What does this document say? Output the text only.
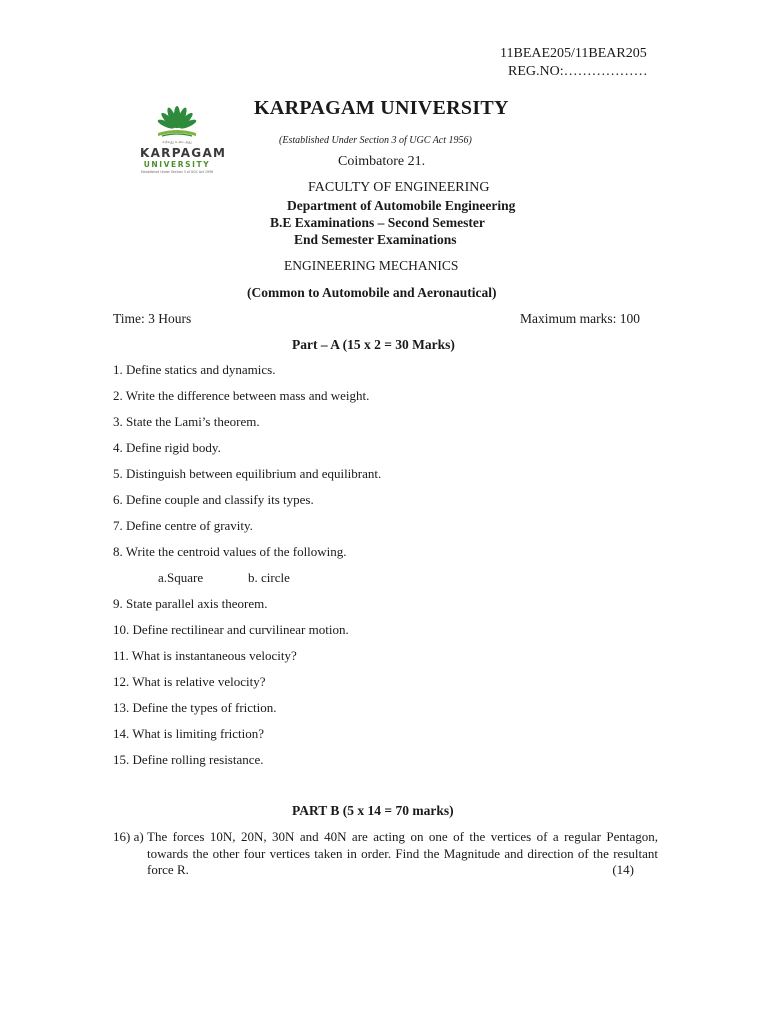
11BEAE205/11BEAR205
REG.NO:………………
கற்றது உடைத்து
KARPAGAM
UNIVERSITY
Established Under Section 3 of UGC Act 1956
KARPAGAM UNIVERSITY
(Established Under Section 3 of UGC Act 1956)
Coimbatore 21.
FACULTY OF ENGINEERING
Department of Automobile Engineering
B.E Examinations – Second Semester
End Semester Examinations
ENGINEERING MECHANICS
(Common to Automobile and Aeronautical)
Time: 3 Hours	Maximum marks: 100
Part – A (15 x 2 = 30 Marks)
1. Define statics and dynamics.
2. Write the difference between mass and weight.
3. State the Lami’s theorem.
4. Define rigid body.
5. Distinguish between equilibrium and equilibrant.
6. Define couple and classify its types.
7. Define centre of gravity.
8. Write the centroid values of the following.
a.Square	b. circle
9. State parallel axis theorem.
10. Define rectilinear and curvilinear motion.
11. What is instantaneous velocity?
12. What is relative velocity?
13. Define the types of friction.
14. What is limiting friction?
15. Define rolling resistance.
PART B (5 x 14 = 70 marks)
16) a) The forces 10N, 20N, 30N and 40N are acting on one of the vertices of a regular Pentagon, towards the other four vertices taken in order. Find the Magnitude and direction of the resultant force R.	(14)
